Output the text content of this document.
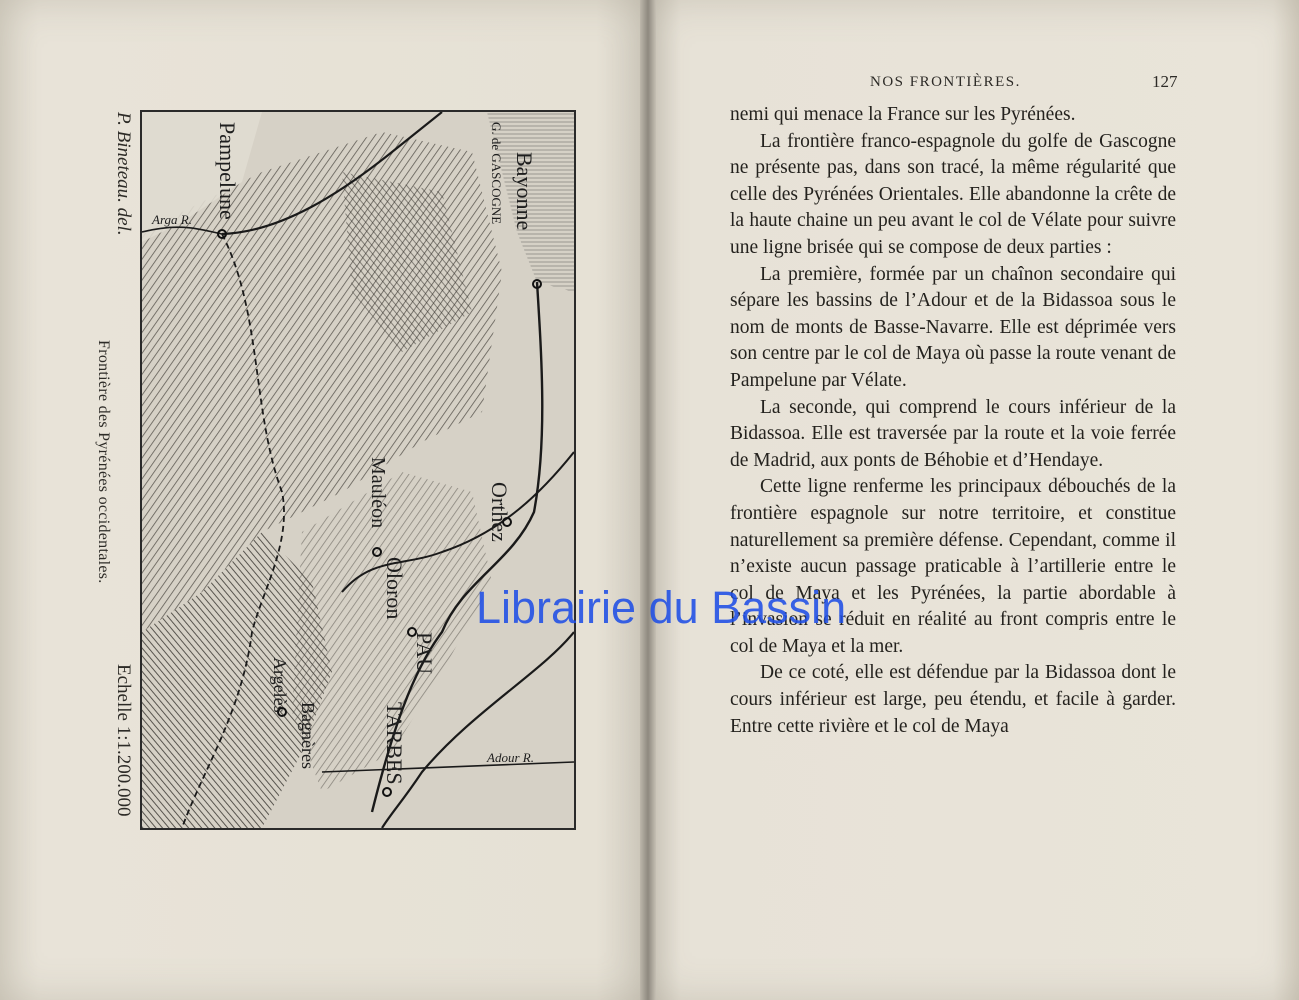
Pampelune	Bayonne
G. de GASCOGNE
Orthez
Oloron
PAU
TARBES
Mauléon
Argelès
Bagnères
Arga R.
Adour R.
P. Bineteau. del.
Frontière des Pyrénées occidentales.
Echelle 1:1.200.000
NOS FRONTIÈRES.	127

nemi qui menace la France sur les Pyrénées.

La frontière franco-espagnole du golfe de Gascogne ne présente pas, dans son tracé, la même régularité que celle des Pyrénées Orientales. Elle abandonne la crête de la haute chaine un peu avant le col de Vélate pour suivre une ligne brisée qui se compose de deux parties :

La première, formée par un chaînon secondaire qui sépare les bassins de l’Adour et de la Bidassoa sous le nom de monts de Basse-Navarre. Elle est déprimée vers son centre par le col de Maya où passe la route venant de Pampelune par Vélate.

La seconde, qui comprend le cours inférieur de la Bidassoa. Elle est traversée par la route et la voie ferrée de Madrid, aux ponts de Béhobie et d’Hendaye.

Cette ligne renferme les principaux débouchés de la frontière espagnole sur notre territoire, et constitue naturellement sa première défense. Cependant, comme il n’existe aucun passage praticable à l’artillerie entre le col de Maya et les Pyrénées, la partie abordable à l’invasion se réduit en réalité au front compris entre le col de Maya et la mer.

De ce coté, elle est défendue par la Bidassoa dont le cours inférieur est large, peu étendu, et facile à garder. Entre cette rivière et le col de Maya

Librairie du Bassin
